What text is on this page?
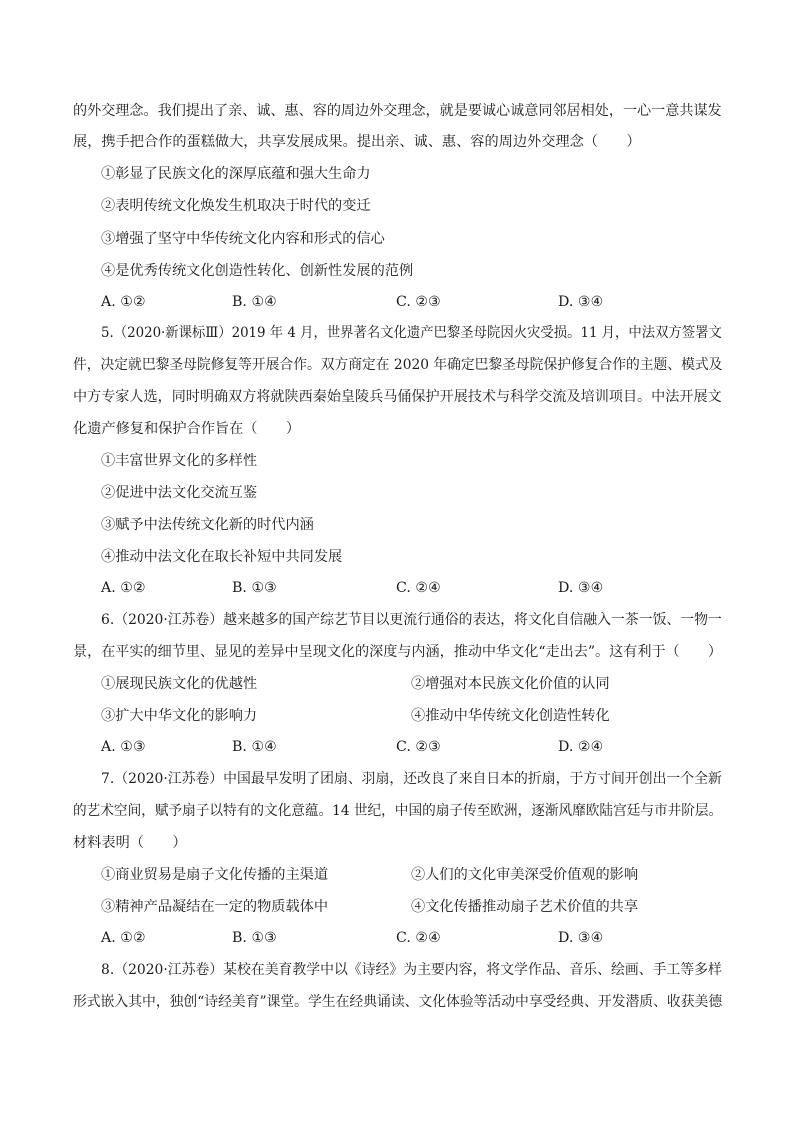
的外交理念。我们提出了亲、诚、惠、容的周边外交理念，就是要诚心诚意同邻居相处，一心一意共谋发
展，携手把合作的蛋糕做大，共享发展成果。提出亲、诚、惠、容的周边外交理念（　　）
①彰显了民族文化的深厚底蕴和强大生命力
②表明传统文化焕发生机取决于时代的变迁
③增强了坚守中华传统文化内容和形式的信心
④是优秀传统文化创造性转化、创新性发展的范例
A. ①②	B. ①④	C. ②③	D. ③④
5.（2020·新课标Ⅲ）2019 年 4 月，世界著名文化遗产巴黎圣母院因火灾受损。11 月，中法双方签署文
件，决定就巴黎圣母院修复等开展合作。双方商定在 2020 年确定巴黎圣母院保护修复合作的主题、模式及
中方专家人选，同时明确双方将就陕西秦始皇陵兵马俑保护开展技术与科学交流及培训项目。中法开展文
化遗产修复和保护合作旨在（　　）
①丰富世界文化的多样性
②促进中法文化交流互鉴
③赋予中法传统文化新的时代内涵
④推动中法文化在取长补短中共同发展
A. ①②	B. ①③	C. ②④	D. ③④
6.（2020·江苏卷）越来越多的国产综艺节目以更流行通俗的表达，将文化自信融入一茶一饭、一物一
景，在平实的细节里、显见的差异中呈现文化的深度与内涵，推动中华文化“走出去”。这有利于（　　）
①展现民族文化的优越性	②增强对本民族文化价值的认同
③扩大中华文化的影响力	④推动中华传统文化创造性转化
A. ①③	B. ①④	C. ②③	D. ②④
7.（2020·江苏卷）中国最早发明了团扇、羽扇，还改良了来自日本的折扇，于方寸间开创出一个全新
的艺术空间，赋予扇子以特有的文化意蕴。14 世纪，中国的扇子传至欧洲，逐渐风靡欧陆宫廷与市井阶层。
材料表明（　　）
①商业贸易是扇子文化传播的主渠道	②人们的文化审美深受价值观的影响
③精神产品凝结在一定的物质载体中	④文化传播推动扇子艺术价值的共享
A. ①②	B. ①③	C. ②④	D. ③④
8.（2020·江苏卷）某校在美育教学中以《诗经》为主要内容，将文学作品、音乐、绘画、手工等多样
形式嵌入其中，独创“诗经美育”课堂。学生在经典诵读、文化体验等活动中享受经典、开发潜质、收获美德
